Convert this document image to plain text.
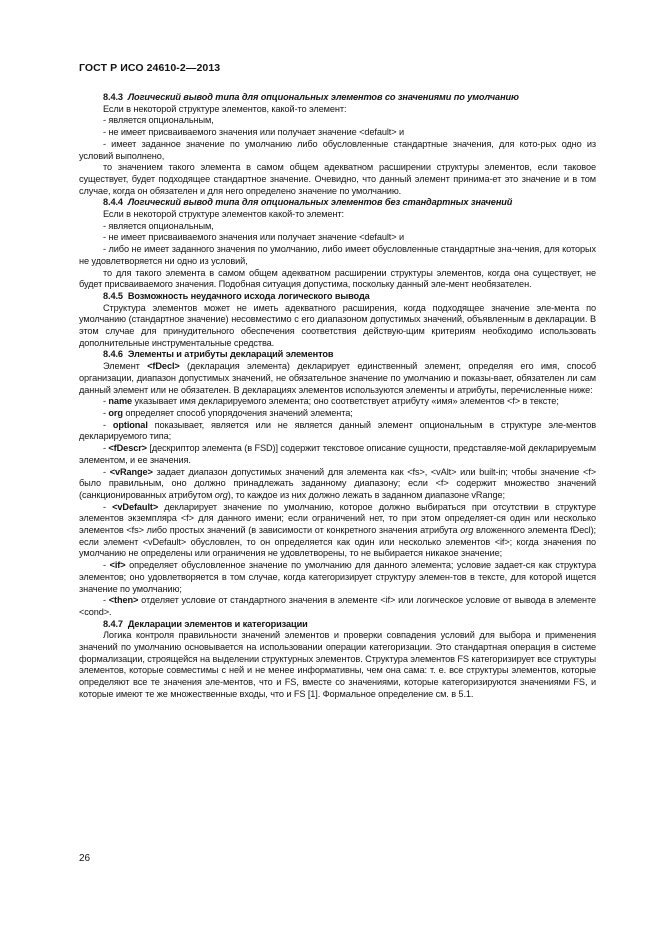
ГОСТ Р ИСО 24610-2—2013

8.4.3 Логический вывод типа для опциональных элементов со значениями по умолчанию

Если в некоторой структуре элементов, какой-то элемент:

- является опциональным,

- не имеет присваиваемого значения или получает значение <default> и

- имеет заданное значение по умолчанию либо обусловленные стандартные значения, для кото-рых одно из условий выполнено,

то значением такого элемента в самом общем адекватном расширении структуры элементов, если таковое существует, будет подходящее стандартное значение. Очевидно, что данный элемент принима-ет это значение и в том случае, когда он обязателен и для него определено значение по умолчанию.

8.4.4 Логический вывод типа для опциональных элементов без стандартных значений

Если в некоторой структуре элементов какой-то элемент:

- является опциональным,

- не имеет присваиваемого значения или получает значение <default> и

- либо не имеет заданного значения по умолчанию, либо имеет обусловленные стандартные зна-чения, для которых не удовлетворяется ни одно из условий,

то для такого элемента в самом общем адекватном расширении структуры элементов, когда она существует, не будет присваиваемого значения. Подобная ситуация допустима, поскольку данный эле-мент необязателен.

8.4.5 Возможность неудачного исхода логического вывода

Структура элементов может не иметь адекватного расширения, когда подходящее значение эле-мента по умолчанию (стандартное значение) несовместимо с его диапазоном допустимых значений, объявленным в декларации. В этом случае для принудительного обеспечения соответствия действую-щим критериям необходимо использовать дополнительные инструментальные средства.

8.4.6 Элементы и атрибуты деклараций элементов

Элемент <fDecl> (декларация элемента) декларирует единственный элемент, определяя его имя, способ организации, диапазон допустимых значений, не обязательное значение по умолчанию и показы-вает, обязателен ли сам данный элемент или не обязателен. В декларациях элементов используются элементы и атрибуты, перечисленные ниже:

- name указывает имя декларируемого элемента; оно соответствует атрибуту «имя» элементов <f> в тексте;

- org определяет способ упорядочения значений элемента;

- optional показывает, является или не является данный элемент опциональным в структуре эле-ментов декларируемого типа;

- <fDescr> [дескриптор элемента (в FSD)] содержит текстовое описание сущности, представляе-мой декларируемым элементом, и ее значения.

- <vRange> задает диапазон допустимых значений для элемента как <fs>, <vAlt> или built-in; чтобы значение <f> было правильным, оно должно принадлежать заданному диапазону; если <f> содержит множество значений (санкционированных атрибутом org), то каждое из них должно лежать в заданном диапазоне vRange;

- <vDefault> декларирует значение по умолчанию, которое должно выбираться при отсутствии в структуре элементов экземпляра <f> для данного имени; если ограничений нет, то при этом определяет-ся один или несколько элементов <fs> либо простых значений (в зависимости от конкретного значения атрибута org вложенного элемента fDecl); если элемент <vDefault> обусловлен, то он определяется как один или несколько элементов <if>; когда значения по умолчанию не определены или ограничения не удовлетворены, то не выбирается никакое значение;

- <if> определяет обусловленное значение по умолчанию для данного элемента; условие задает-ся как структура элементов; оно удовлетворяется в том случае, когда категоризирует структуру элемен-тов в тексте, для которой ищется значение по умолчанию;

- <then> отделяет условие от стандартного значения в элементе <if> или логическое условие от вывода в элементе <cond>.

8.4.7 Декларации элементов и категоризации

Логика контроля правильности значений элементов и проверки совпадения условий для выбора и применения значений по умолчанию основывается на использовании операции категоризации. Это стандартная операция в системе формализации, строящейся на выделении структурных элементов. Структура элементов FS категоризирует все структуры элементов, которые совместимы с ней и не менее информативны, чем она сама: т. е. все структуры элементов, которые определяют все те значения эле-ментов, что и FS, вместе со значениями, которые категоризируются значениями FS, и которые имеют те же множественные входы, что и FS [1]. Формальное определение см. в 5.1.

26
